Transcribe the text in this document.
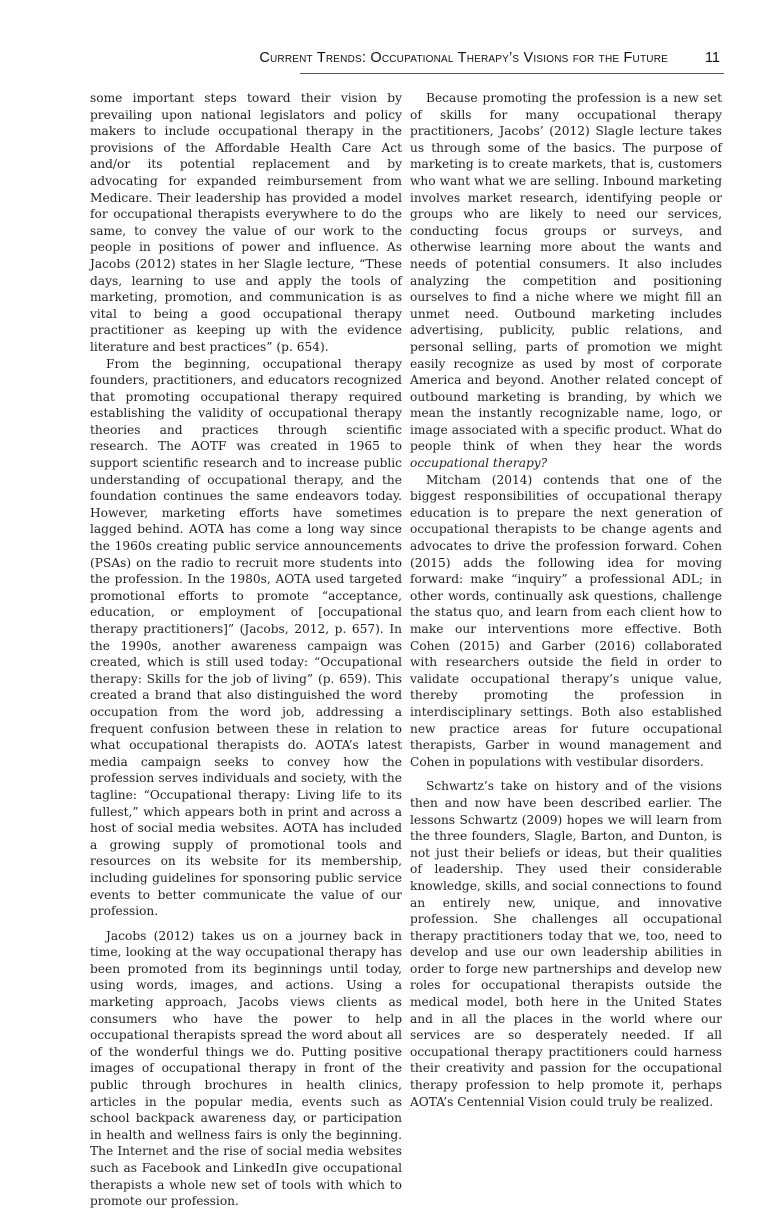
Current Trends: Occupational Therapy’s Visions for the Future	11

some important steps toward their vision by prevailing upon national legislators and policy makers to include occupational therapy in the provisions of the Affordable Health Care Act and/or its potential replacement and by advocating for expanded reimbursement from Medicare. Their leadership has provided a model for occupational therapists everywhere to do the same, to convey the value of our work to the people in positions of power and influence. As Jacobs (2012) states in her Slagle lecture, “These days, learning to use and apply the tools of marketing, promotion, and communication is as vital to being a good occupational therapy practitioner as keeping up with the evidence literature and best practices” (p. 654).

From the beginning, occupational therapy founders, practitioners, and educators recognized that promoting occupational therapy required establishing the validity of occupational therapy theories and practices through scientific research. The AOTF was created in 1965 to support scientific research and to increase public understanding of occupational therapy, and the foundation continues the same endeavors today. However, marketing efforts have sometimes lagged behind. AOTA has come a long way since the 1960s creating public service announcements (PSAs) on the radio to recruit more students into the profession. In the 1980s, AOTA used targeted promotional efforts to promote “acceptance, education, or employment of [occupational therapy practitioners]” (Jacobs, 2012, p. 657). In the 1990s, another awareness campaign was created, which is still used today: “Occupational therapy: Skills for the job of living” (p. 659). This created a brand that also distinguished the word occupation from the word job, addressing a frequent confusion between these in relation to what occupational therapists do. AOTA’s latest media campaign seeks to convey how the profession serves individuals and society, with the tagline: “Occupational therapy: Living life to its fullest,” which appears both in print and across a host of social media websites. AOTA has included a growing supply of promotional tools and resources on its website for its membership, including guidelines for sponsoring public service events to better communicate the value of our profession.

Jacobs (2012) takes us on a journey back in time, looking at the way occupational therapy has been promoted from its beginnings until today, using words, images, and actions. Using a marketing approach, Jacobs views clients as consumers who have the power to help occupational therapists spread the word about all of the wonderful things we do. Putting positive images of occupational therapy in front of the public through brochures in health clinics, articles in the popular media, events such as school backpack awareness day, or participation in health and wellness fairs is only the beginning. The Internet and the rise of social media websites such as Facebook and LinkedIn give occupational therapists a whole new set of tools with which to promote our profession.

Because promoting the profession is a new set of skills for many occupational therapy practitioners, Jacobs’ (2012) Slagle lecture takes us through some of the basics. The purpose of marketing is to create markets, that is, customers who want what we are selling. Inbound marketing involves market research, identifying people or groups who are likely to need our services, conducting focus groups or surveys, and otherwise learning more about the wants and needs of potential consumers. It also includes analyzing the competition and positioning ourselves to find a niche where we might fill an unmet need. Outbound marketing includes advertising, publicity, public relations, and personal selling, parts of promotion we might easily recognize as used by most of corporate America and beyond. Another related concept of outbound marketing is branding, by which we mean the instantly recognizable name, logo, or image associated with a specific product. What do people think of when they hear the words occupational therapy?

Mitcham (2014) contends that one of the biggest responsibilities of occupational therapy education is to prepare the next generation of occupational therapists to be change agents and advocates to drive the profession forward. Cohen (2015) adds the following idea for moving forward: make “inquiry” a professional ADL; in other words, continually ask questions, challenge the status quo, and learn from each client how to make our interventions more effective. Both Cohen (2015) and Garber (2016) collaborated with researchers outside the field in order to validate occupational therapy’s unique value, thereby promoting the profession in interdisciplinary settings. Both also established new practice areas for future occupational therapists, Garber in wound management and Cohen in populations with vestibular disorders.

Schwartz’s take on history and of the visions then and now have been described earlier. The lessons Schwartz (2009) hopes we will learn from the three founders, Slagle, Barton, and Dunton, is not just their beliefs or ideas, but their qualities of leadership. They used their considerable knowledge, skills, and social connections to found an entirely new, unique, and innovative profession. She challenges all occupational therapy practitioners today that we, too, need to develop and use our own leadership abilities in order to forge new partnerships and develop new roles for occupational therapists outside the medical model, both here in the United States and in all the places in the world where our services are so desperately needed. If all occupational therapy practitioners could harness their creativity and passion for the occupational therapy profession to help promote it, perhaps AOTA’s Centennial Vision could truly be realized.
